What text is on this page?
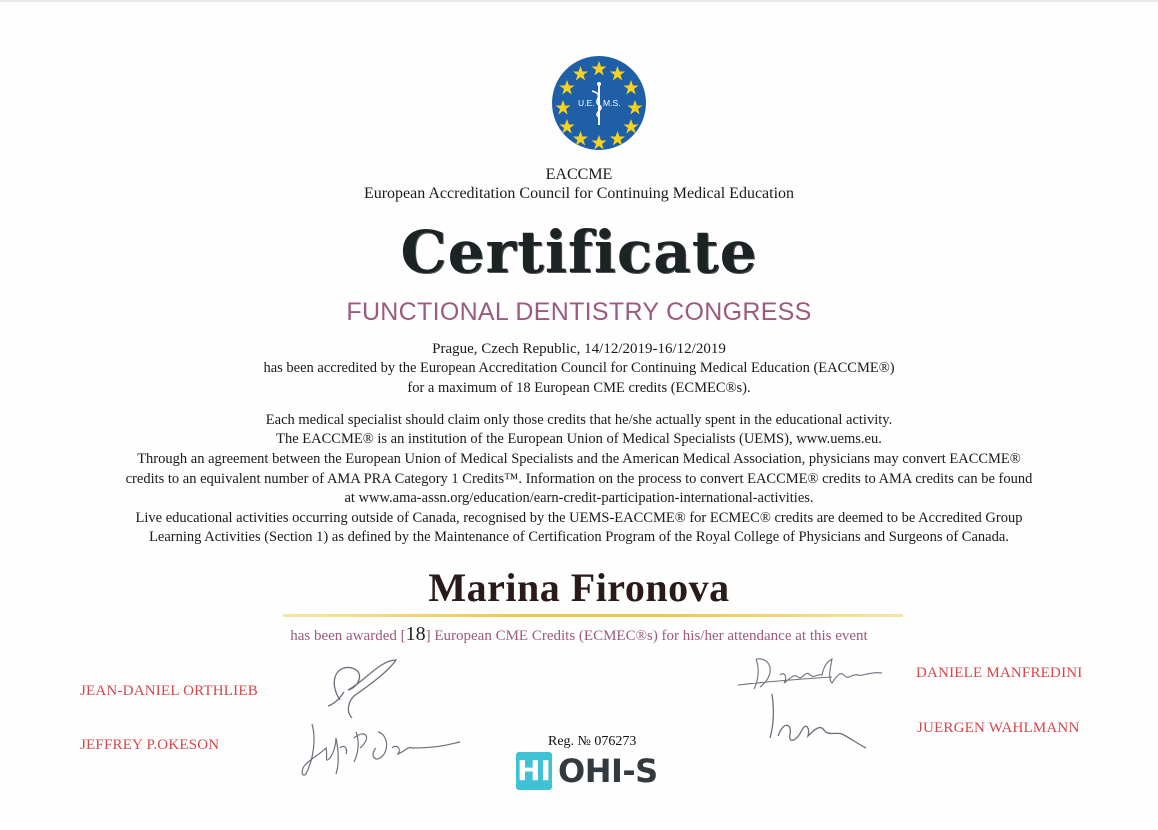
U.E. M.S.
EACCME
European Accreditation Council for Continuing Medical Education
Certificate
FUNCTIONAL DENTISTRY CONGRESS
Prague, Czech Republic, 14/12/2019-16/12/2019
has been accredited by the European Accreditation Council for Continuing Medical Education (EACCME®)
for a maximum of 18 European CME credits (ECMEC®s).
Each medical specialist should claim only those credits that he/she actually spent in the educational activity.
The EACCME® is an institution of the European Union of Medical Specialists (UEMS), www.uems.eu.
Through an agreement between the European Union of Medical Specialists and the American Medical Association, physicians may convert EACCME®
credits to an equivalent number of AMA PRA Category 1 Credits™. Information on the process to convert EACCME® credits to AMA credits can be found
at www.ama-assn.org/education/earn-credit-participation-international-activities.
Live educational activities occurring outside of Canada, recognised by the UEMS-EACCME® for ECMEC® credits are deemed to be Accredited Group
Learning Activities (Section 1) as defined by the Maintenance of Certification Program of the Royal College of Physicians and Surgeons of Canada.
Marina Fironova
has been awarded [18] European CME Credits (ECMEC®s) for his/her attendance at this event
JEAN-DANIEL ORTHLIEB
JEFFREY P.OKESON
DANIELE MANFREDINI
JUERGEN WAHLMANN
Reg. № 076273
HI OHI-S
